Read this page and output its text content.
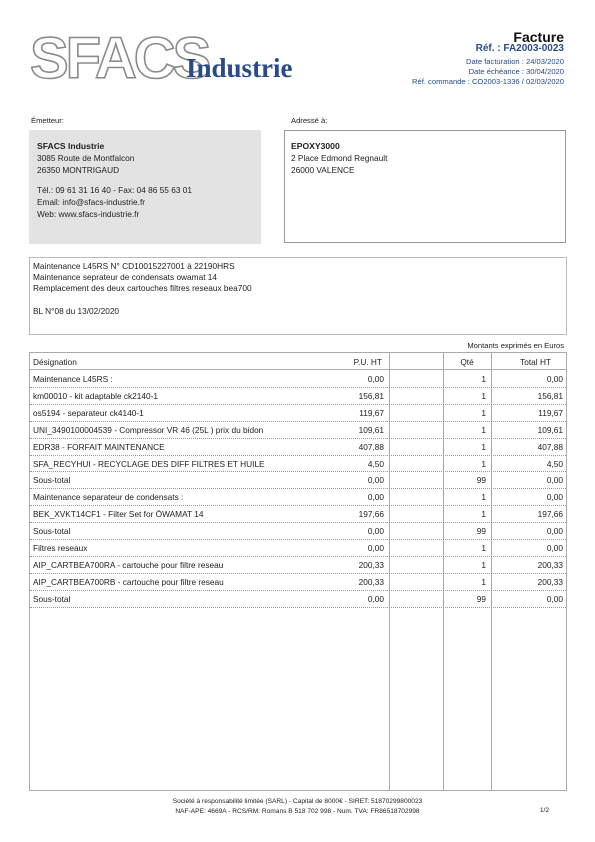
SFACS
Industrie
Facture
Réf. : FA2003-0023
Date facturation : 24/03/2020
Date échéance : 30/04/2020
Réf. commande : CO2003-1336 / 02/03/2020
Émetteur:
SFACS Industrie
3085 Route de Montfalcon
26350 MONTRIGAUD
Tél.: 09 61 31 16 40 - Fax: 04 86 55 63 01
Email: info@sfacs-industrie.fr
Web: www.sfacs-industrie.fr
Adressé à:
EPOXY3000
2 Place Edmond Regnault
26000 VALENCE
Maintenance L45RS N° CD10015227001 à 22190HRS
Maintenance seprateur de condensats owamat 14
Remplacement des deux cartouches filtres reseaux bea700
BL N°08 du 13/02/2020
Montants exprimés en Euros
Désignation	P.U. HT	Qté	Total HT
Maintenance L45RS :	0,00	1	0,00
km00010 - kit adaptable ck2140-1	156,81	1	156,81
os5194 - separateur ck4140-1	119,67	1	119,67
UNI_3490100004539 - Compressor VR 46 (25L ) prix du bidon	109,61	1	109,61
EDR38 - FORFAIT MAINTENANCE	407,88	1	407,88
SFA_RECYHUI - RECYCLAGE DES DIFF FILTRES ET HUILE	4,50	1	4,50
Sous-total	0,00	99	0,00
Maintenance separateur de condensats :	0,00	1	0,00
BEK_XVKT14CF1 - Filter Set for ÖWAMAT 14	197,66	1	197,66
Sous-total	0,00	99	0,00
Filtres reseaux	0,00	1	0,00
AIP_CARTBEA700RA - cartouche pour filtre reseau	200,33	1	200,33
AIP_CARTBEA700RB - cartouche pour filtre reseau	200,33	1	200,33
Sous-total	0,00	99	0,00
Société à responsabilité limitée (SARL) - Capital de 8000€ - SIRET: 51870299800023
NAF-APE: 4669A - RCS/RM: Romans B 518 702 998 - Num. TVA: FR86518702998	1/2
